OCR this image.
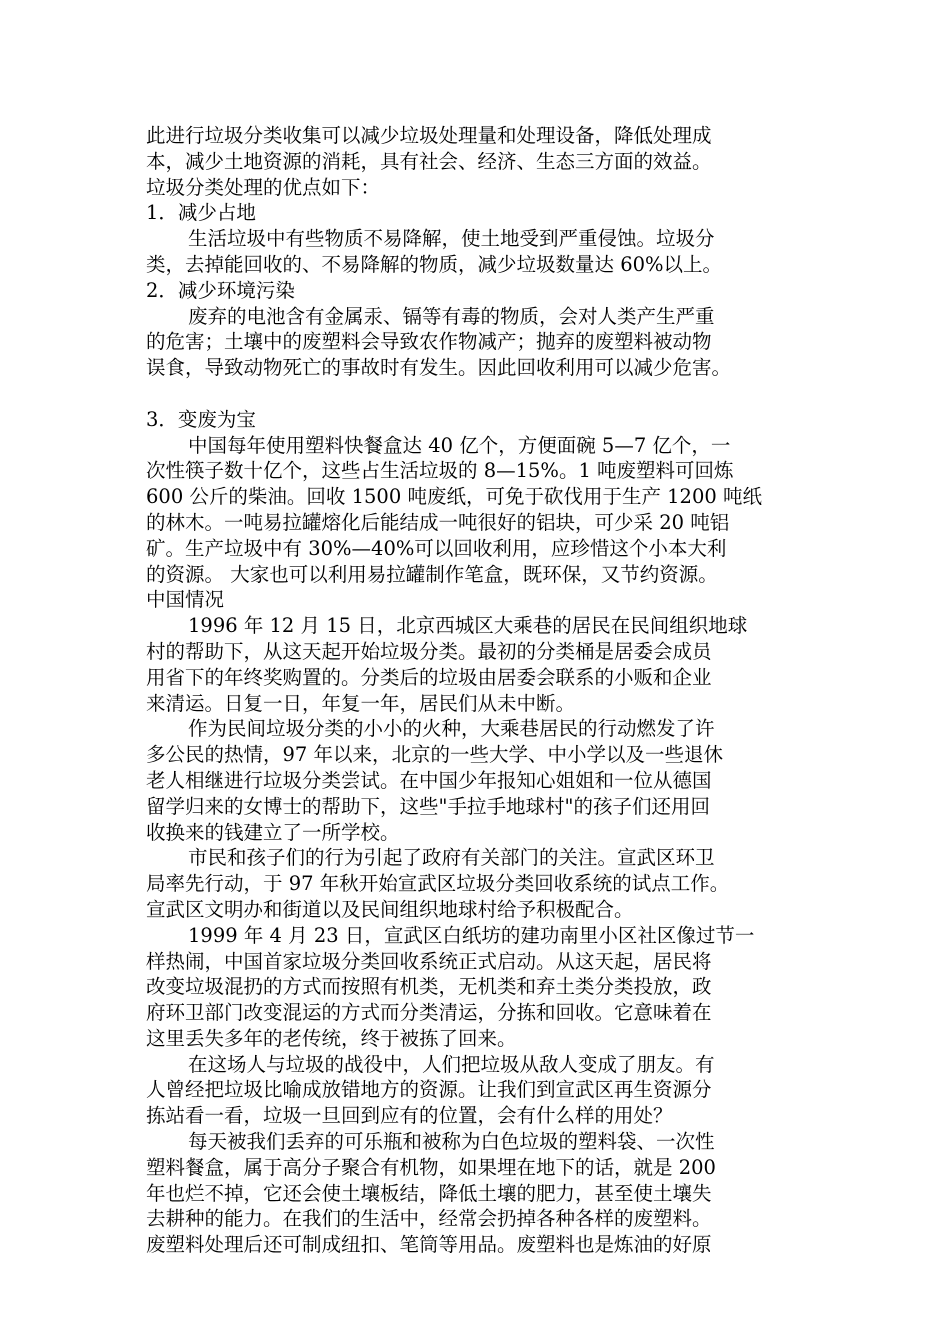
此进行垃圾分类收集可以减少垃圾处理量和处理设备，降低处理成
本，减少土地资源的消耗，具有社会、经济、生态三方面的效益。
垃圾分类处理的优点如下：
1．减少占地
生活垃圾中有些物质不易降解，使土地受到严重侵蚀。垃圾分
类，去掉能回收的、不易降解的物质，减少垃圾数量达 60%以上。
2．减少环境污染
废弃的电池含有金属汞、镉等有毒的物质，会对人类产生严重
的危害；土壤中的废塑料会导致农作物减产；抛弃的废塑料被动物
误食，导致动物死亡的事故时有发生。因此回收利用可以减少危害。
3．变废为宝
中国每年使用塑料快餐盒达 40 亿个，方便面碗 5—7 亿个，一
次性筷子数十亿个，这些占生活垃圾的 8—15%。1 吨废塑料可回炼
600 公斤的柴油。回收 1500 吨废纸，可免于砍伐用于生产 1200 吨纸
的林木。一吨易拉罐熔化后能结成一吨很好的铝块，可少采 20 吨铝
矿。生产垃圾中有 30%—40%可以回收利用，应珍惜这个小本大利
的资源。 大家也可以利用易拉罐制作笔盒，既环保，又节约资源。
中国情况
1996 年 12 月 15 日，北京西城区大乘巷的居民在民间组织地球
村的帮助下，从这天起开始垃圾分类。最初的分类桶是居委会成员
用省下的年终奖购置的。分类后的垃圾由居委会联系的小贩和企业
来清运。日复一日，年复一年，居民们从未中断。
作为民间垃圾分类的小小的火种，大乘巷居民的行动燃发了许
多公民的热情，97 年以来，北京的一些大学、中小学以及一些退休
老人相继进行垃圾分类尝试。在中国少年报知心姐姐和一位从德国
留学归来的女博士的帮助下，这些"手拉手地球村"的孩子们还用回
收换来的钱建立了一所学校。
市民和孩子们的行为引起了政府有关部门的关注。宣武区环卫
局率先行动，于 97 年秋开始宣武区垃圾分类回收系统的试点工作。
宣武区文明办和街道以及民间组织地球村给予积极配合。
1999 年 4 月 23 日，宣武区白纸坊的建功南里小区社区像过节一
样热闹，中国首家垃圾分类回收系统正式启动。从这天起，居民将
改变垃圾混扔的方式而按照有机类，无机类和弃土类分类投放，政
府环卫部门改变混运的方式而分类清运，分拣和回收。它意味着在
这里丢失多年的老传统，终于被拣了回来。
在这场人与垃圾的战役中，人们把垃圾从敌人变成了朋友。有
人曾经把垃圾比喻成放错地方的资源。让我们到宣武区再生资源分
拣站看一看，垃圾一旦回到应有的位置，会有什么样的用处？
每天被我们丢弃的可乐瓶和被称为白色垃圾的塑料袋、一次性
塑料餐盒，属于高分子聚合有机物，如果埋在地下的话，就是 200
年也烂不掉，它还会使土壤板结，降低土壤的肥力，甚至使土壤失
去耕种的能力。在我们的生活中，经常会扔掉各种各样的废塑料。
废塑料处理后还可制成纽扣、笔筒等用品。废塑料也是炼油的好原
